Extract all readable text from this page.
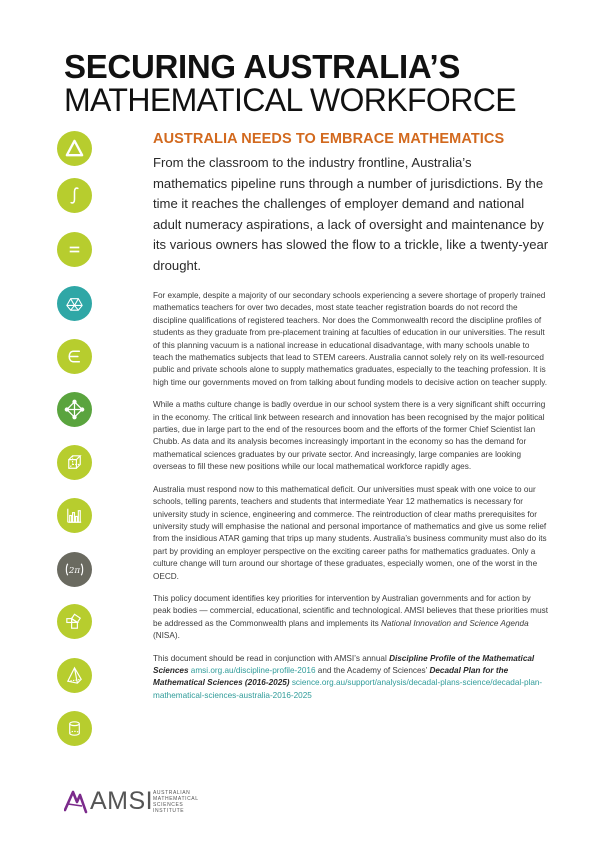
SECURING AUSTRALIA’S
MATHEMATICAL WORKFORCE
2π
AUSTRALIA NEEDS TO EMBRACE MATHEMATICS
From the classroom to the industry frontline, Australia’s mathematics pipeline runs through a number of jurisdictions. By the time it reaches the challenges of employer demand and national adult numeracy aspirations, a lack of oversight and maintenance by its various owners has slowed the flow to a trickle, like a twenty-year drought.

For example, despite a majority of our secondary schools experiencing a severe shortage of properly trained mathematics teachers for over two decades, most state teacher registration boards do not record the discipline qualifications of registered teachers. Nor does the Commonwealth record the discipline profiles of students as they graduate from pre-placement training at faculties of education in our universities. The result of this planning vacuum is a national increase in educational disadvantage, with many schools unable to teach the mathematics subjects that lead to STEM careers. Australia cannot solely rely on its well-resourced public and private schools alone to supply mathematics graduates, especially to the teaching profession. It is high time our governments moved on from talking about funding models to decisive action on teacher supply.

While a maths culture change is badly overdue in our school system there is a very significant shift occurring in the economy. The critical link between research and innovation has been recognised by the major political parties, due in large part to the end of the resources boom and the efforts of the former Chief Scientist Ian Chubb. As data and its analysis becomes increasingly important in the economy so has the demand for mathematical sciences graduates by our private sector. And increasingly, large companies are looking overseas to fill these new positions while our local mathematical workforce rapidly ages.

Australia must respond now to this mathematical deficit. Our universities must speak with one voice to our schools, telling parents, teachers and students that intermediate Year 12 mathematics is necessary for university study in science, engineering and commerce. The reintroduction of clear maths prerequisites for university study will emphasise the national and personal importance of mathematics and give us some relief from the insidious ATAR gaming that trips up many students. Australia’s business community must also do its part by providing an employer perspective on the exciting career paths for mathematics graduates. Only a culture change will turn around our shortage of these graduates, especially women, one of the worst in the OECD.

This policy document identifies key priorities for intervention by Australian governments and for action by peak bodies — commercial, educational, scientific and technological. AMSI believes that these priorities must be addressed as the Commonwealth plans and implements its National Innovation and Science Agenda (NISA).

This document should be read in conjunction with AMSI’s annual Discipline Profile of the Mathematical Sciences amsi.org.au/discipline-profile-2016 and the Academy of Sciences’ Decadal Plan for the Mathematical Sciences (2016-2025) science.org.au/support/analysis/decadal-plans-science/decadal-plan-mathematical-sciences-australia-2016-2025

AMSI AUSTRALIAN
MATHEMATICAL
SCIENCES
INSTITUTE
